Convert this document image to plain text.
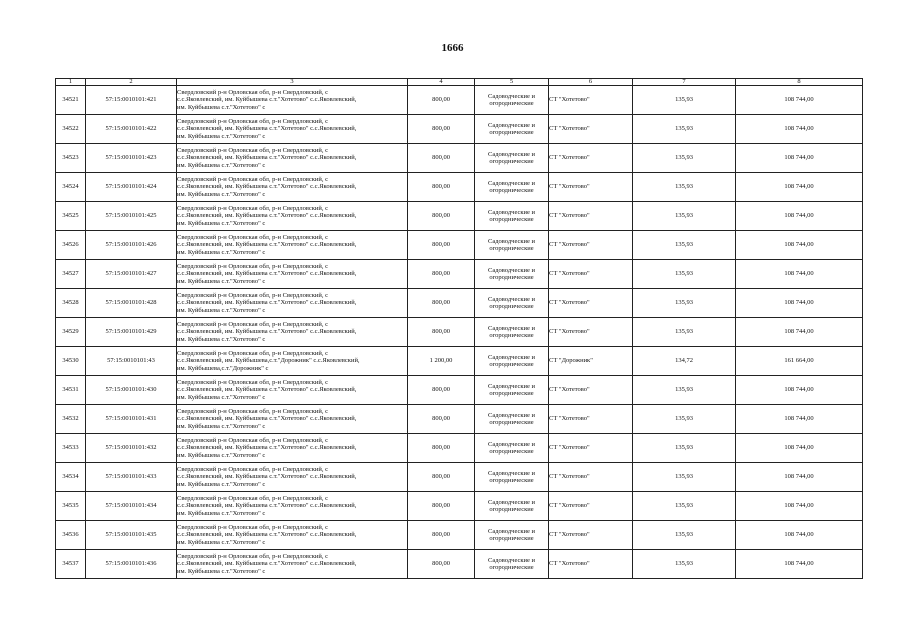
1666
1	2	3	4	5	6	7	8
34521	57:15:0010101:421	Свердловский р-н Орловская обл, р-н Свердловский, с
с.с.Яковлевский, им. Куйбышева с.т."Хотетово" с.с.Яковлевский,
им. Куйбышева с.т."Хотетово" с	800,00	Садоводческие и
огороднические	СТ "Хотетово"	135,93	108 744,00
34522	57:15:0010101:422	Свердловский р-н Орловская обл, р-н Свердловский, с
с.с.Яковлевский, им. Куйбышева с.т."Хотетово" с.с.Яковлевский,
им. Куйбышева с.т."Хотетово" с	800,00	Садоводческие и
огороднические	СТ "Хотетово"	135,93	108 744,00
34523	57:15:0010101:423	Свердловский р-н Орловская обл, р-н Свердловский, с
с.с.Яковлевский, им. Куйбышева с.т."Хотетово" с.с.Яковлевский,
им. Куйбышева с.т."Хотетово" с	800,00	Садоводческие и
огороднические	СТ "Хотетово"	135,93	108 744,00
34524	57:15:0010101:424	Свердловский р-н Орловская обл, р-н Свердловский, с
с.с.Яковлевский, им. Куйбышева с.т."Хотетово" с.с.Яковлевский,
им. Куйбышева с.т."Хотетово" с	800,00	Садоводческие и
огороднические	СТ "Хотетово"	135,93	108 744,00
34525	57:15:0010101:425	Свердловский р-н Орловская обл, р-н Свердловский, с
с.с.Яковлевский, им. Куйбышева с.т."Хотетово" с.с.Яковлевский,
им. Куйбышева с.т."Хотетово" с	800,00	Садоводческие и
огороднические	СТ "Хотетово"	135,93	108 744,00
34526	57:15:0010101:426	Свердловский р-н Орловская обл, р-н Свердловский, с
с.с.Яковлевский, им. Куйбышева с.т."Хотетово" с.с.Яковлевский,
им. Куйбышева с.т."Хотетово" с	800,00	Садоводческие и
огороднические	СТ "Хотетово"	135,93	108 744,00
34527	57:15:0010101:427	Свердловский р-н Орловская обл, р-н Свердловский, с
с.с.Яковлевский, им. Куйбышева с.т."Хотетово" с.с.Яковлевский,
им. Куйбышева с.т."Хотетово" с	800,00	Садоводческие и
огороднические	СТ "Хотетово"	135,93	108 744,00
34528	57:15:0010101:428	Свердловский р-н Орловская обл, р-н Свердловский, с
с.с.Яковлевский, им. Куйбышева с.т."Хотетово" с.с.Яковлевский,
им. Куйбышева с.т."Хотетово" с	800,00	Садоводческие и
огороднические	СТ "Хотетово"	135,93	108 744,00
34529	57:15:0010101:429	Свердловский р-н Орловская обл, р-н Свердловский, с
с.с.Яковлевский, им. Куйбышева с.т."Хотетово" с.с.Яковлевский,
им. Куйбышева с.т."Хотетово" с	800,00	Садоводческие и
огороднические	СТ "Хотетово"	135,93	108 744,00
34530	57:15:0010101:43	Свердловский р-н Орловская обл, р-н Свердловский, с
с.с.Яковлевский, им. Куйбышева,с.т."Дорожник" с.с.Яковлевский,
им. Куйбышева,с.т."Дорожник" с	1 200,00	Садоводческие и
огороднические	СТ "Дорожник"	134,72	161 664,00
34531	57:15:0010101:430	Свердловский р-н Орловская обл, р-н Свердловский, с
с.с.Яковлевский, им. Куйбышева с.т."Хотетово" с.с.Яковлевский,
им. Куйбышева с.т."Хотетово" с	800,00	Садоводческие и
огороднические	СТ "Хотетово"	135,93	108 744,00
34532	57:15:0010101:431	Свердловский р-н Орловская обл, р-н Свердловский, с
с.с.Яковлевский, им. Куйбышева с.т."Хотетово" с.с.Яковлевский,
им. Куйбышева с.т."Хотетово" с	800,00	Садоводческие и
огороднические	СТ "Хотетово"	135,93	108 744,00
34533	57:15:0010101:432	Свердловский р-н Орловская обл, р-н Свердловский, с
с.с.Яковлевский, им. Куйбышева с.т."Хотетово" с.с.Яковлевский,
им. Куйбышева с.т."Хотетово" с	800,00	Садоводческие и
огороднические	СТ "Хотетово"	135,93	108 744,00
34534	57:15:0010101:433	Свердловский р-н Орловская обл, р-н Свердловский, с
с.с.Яковлевский, им. Куйбышева с.т."Хотетово" с.с.Яковлевский,
им. Куйбышева с.т."Хотетово" с	800,00	Садоводческие и
огороднические	СТ "Хотетово"	135,93	108 744,00
34535	57:15:0010101:434	Свердловский р-н Орловская обл, р-н Свердловский, с
с.с.Яковлевский, им. Куйбышева с.т."Хотетово" с.с.Яковлевский,
им. Куйбышева с.т."Хотетово" с	800,00	Садоводческие и
огороднические	СТ "Хотетово"	135,93	108 744,00
34536	57:15:0010101:435	Свердловский р-н Орловская обл, р-н Свердловский, с
с.с.Яковлевский, им. Куйбышева с.т."Хотетово" с.с.Яковлевский,
им. Куйбышева с.т."Хотетово" с	800,00	Садоводческие и
огороднические	СТ "Хотетово"	135,93	108 744,00
34537	57:15:0010101:436	Свердловский р-н Орловская обл, р-н Свердловский, с
с.с.Яковлевский, им. Куйбышева с.т."Хотетово" с.с.Яковлевский,
им. Куйбышева с.т."Хотетово" с	800,00	Садоводческие и
огороднические	СТ "Хотетово"	135,93	108 744,00
